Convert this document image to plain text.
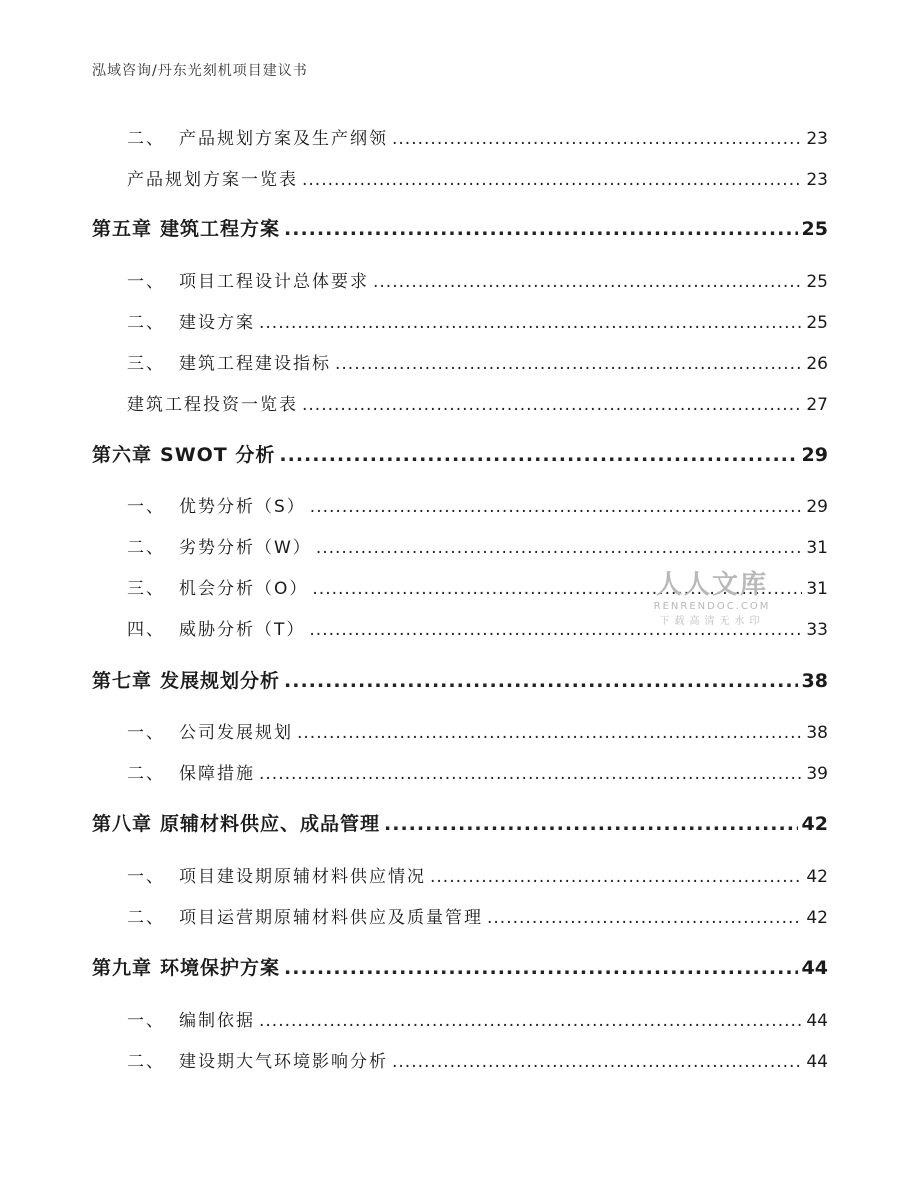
泓域咨询/丹东光刻机项目建议书
二、 产品规划方案及生产纲领 .....	23
产品规划方案一览表 .....	23
第五章 建筑工程方案 .....	25
一、 项目工程设计总体要求 .....	25
二、 建设方案 .....	25
三、 建筑工程建设指标 .....	26
建筑工程投资一览表 .....	27
第六章 SWOT 分析 .....	29
一、 优势分析（S） .....	29
二、 劣势分析（W） .....	31
三、 机会分析（O） .....	31
四、 威胁分析（T） .....	33
第七章 发展规划分析 .....	38
一、 公司发展规划 .....	38
二、 保障措施 .....	39
第八章 原辅材料供应、成品管理 .....	42
一、 项目建设期原辅材料供应情况 .....	42
二、 项目运营期原辅材料供应及质量管理 .....	42
第九章 环境保护方案 .....	44
一、 编制依据 .....	44
二、 建设期大气环境影响分析 .....	44
人人文库
RENRENDOC.COM
下载高清无水印
